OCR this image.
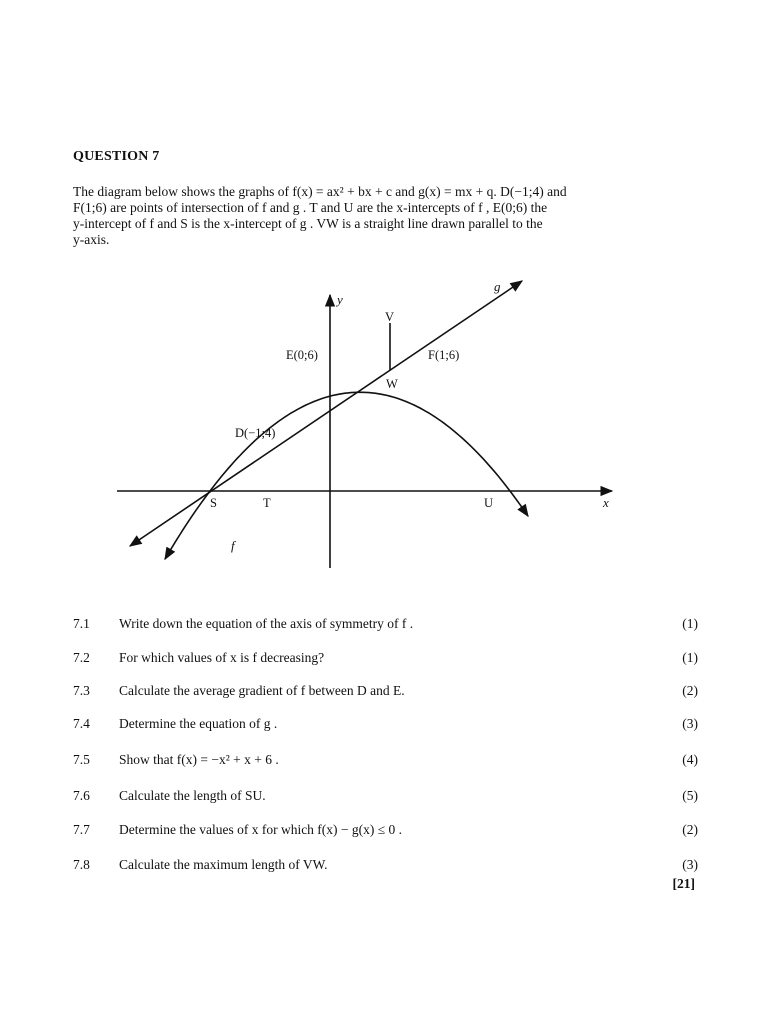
QUESTION 7
The diagram below shows the graphs of f(x) = ax² + bx + c and g(x) = mx + q. D(−1;4) and
F(1;6) are points of intersection of f and g . T and U are the x-intercepts of f , E(0;6) the
y-intercept of f and S is the x-intercept of g . VW is a straight line drawn parallel to the
y-axis.
y
x
g
f
V
W
E(0;6)	F(1;6)
D(−1;4)
S	T	U
7.1 Write down the equation of the axis of symmetry of f .	(1)
7.2 For which values of x is f decreasing?	(1)
7.3 Calculate the average gradient of f between D and E.	(2)
7.4 Determine the equation of g .	(3)
7.5 Show that f(x) = −x² + x + 6 .	(4)
7.6 Calculate the length of SU.	(5)
7.7 Determine the values of x for which f(x) − g(x) ≤ 0 .	(2)
7.8 Calculate the maximum length of VW.	(3)
[21]
